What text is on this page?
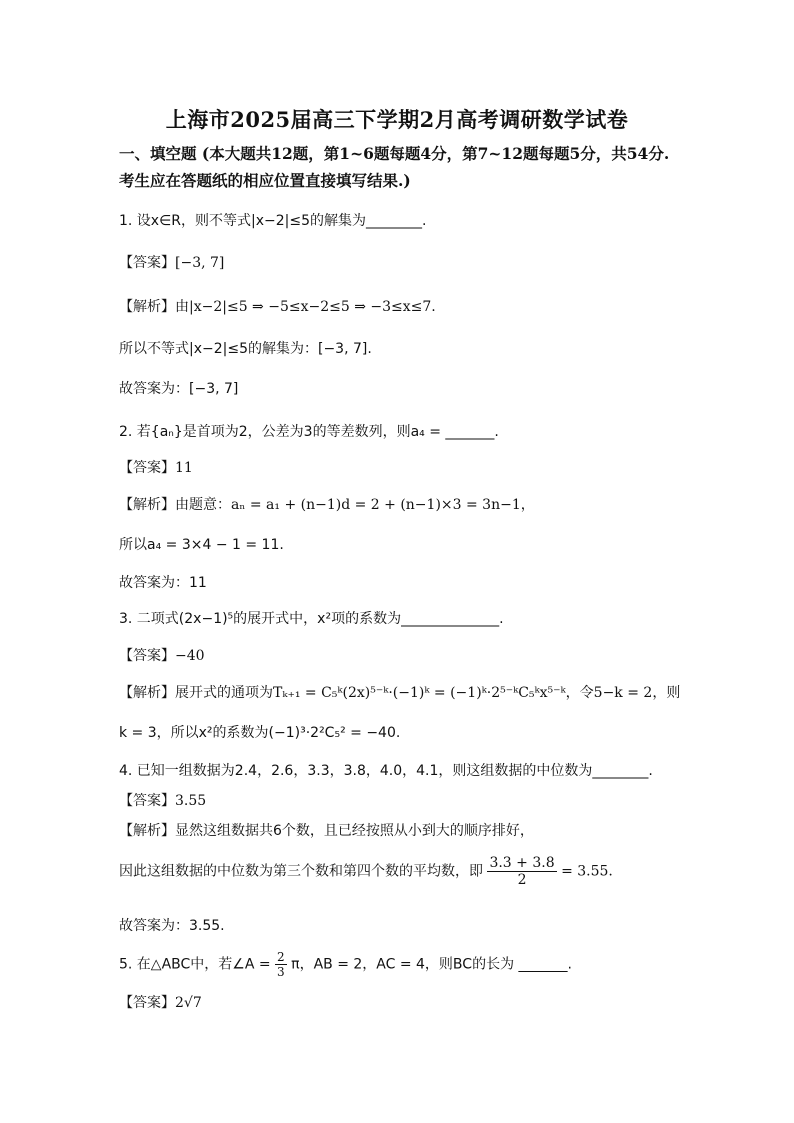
上海市2025届高三下学期2月高考调研数学试卷
一、填空题 (本大题共12题，第1~6题每题4分，第7~12题每题5分，共54分.考生应在答题纸的相应位置直接填写结果.)
1. 设x∈R，则不等式|x−2|≤5的解集为________.
【答案】[−3, 7]
【解析】由|x−2|≤5 ⇒ −5≤x−2≤5 ⇒ −3≤x≤7.
所以不等式|x−2|≤5的解集为：[−3, 7].
故答案为：[−3, 7]
2. 若{aₙ}是首项为2，公差为3的等差数列，则a₄ = _______.
【答案】11
【解析】由题意：aₙ = a₁ + (n−1)d = 2 + (n−1)×3 = 3n−1，
所以a₄ = 3×4 − 1 = 11.
故答案为：11
3. 二项式(2x−1)⁵的展开式中，x²项的系数为______________.
【答案】−40
【解析】展开式的通项为Tₖ₊₁ = C₅ᵏ(2x)⁵⁻ᵏ·(−1)ᵏ = (−1)ᵏ·2⁵⁻ᵏC₅ᵏx⁵⁻ᵏ，令5−k = 2，则
k = 3，所以x²的系数为(−1)³·2²C₅² = −40.
4. 已知一组数据为2.4，2.6，3.3，3.8，4.0，4.1，则这组数据的中位数为________.
【答案】3.55
【解析】显然这组数据共6个数，且已经按照从小到大的顺序排好，
因此这组数据的中位数为第三个数和第四个数的平均数，即 $\frac{3.3 + 3.8}{2} = 3.55$.
故答案为：3.55.
5. 在△ABC中，若∠A = $\frac{2}{3}$ π，AB = 2，AC = 4，则BC的长为 _______.
【答案】2√7
